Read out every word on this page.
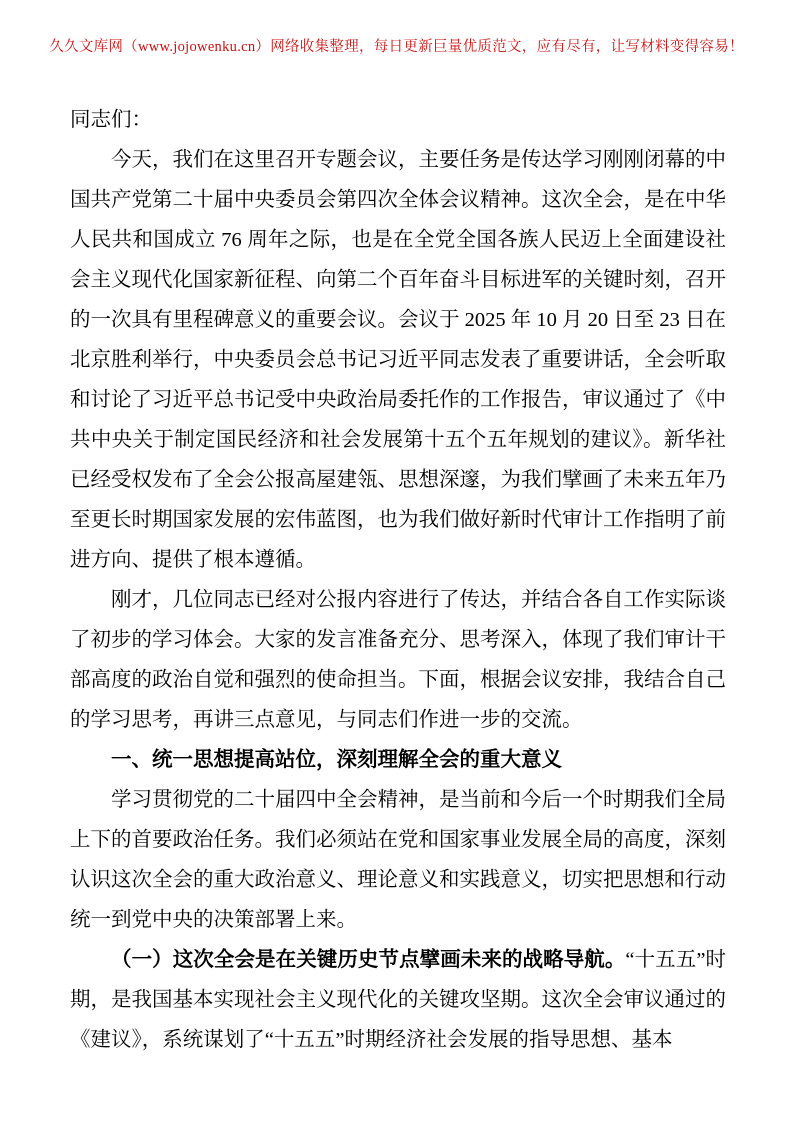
久久文库网（www.jojowenku.cn）网络收集整理，每日更新巨量优质范文，应有尽有，让写材料变得容易！

同志们：

今天，我们在这里召开专题会议，主要任务是传达学习刚刚闭幕的中国共产党第二十届中央委员会第四次全体会议精神。这次全会，是在中华人民共和国成立 76 周年之际，也是在全党全国各族人民迈上全面建设社会主义现代化国家新征程、向第二个百年奋斗目标进军的关键时刻，召开的一次具有里程碑意义的重要会议。会议于 2025 年 10 月 20 日至 23 日在北京胜利举行，中央委员会总书记习近平同志发表了重要讲话，全会听取和讨论了习近平总书记受中央政治局委托作的工作报告，审议通过了《中共中央关于制定国民经济和社会发展第十五个五年规划的建议》。新华社已经受权发布了全会公报高屋建瓴、思想深邃，为我们擘画了未来五年乃至更长时期国家发展的宏伟蓝图，也为我们做好新时代审计工作指明了前进方向、提供了根本遵循。

刚才，几位同志已经对公报内容进行了传达，并结合各自工作实际谈了初步的学习体会。大家的发言准备充分、思考深入，体现了我们审计干部高度的政治自觉和强烈的使命担当。下面，根据会议安排，我结合自己的学习思考，再讲三点意见，与同志们作进一步的交流。

一、统一思想提高站位，深刻理解全会的重大意义

学习贯彻党的二十届四中全会精神，是当前和今后一个时期我们全局上下的首要政治任务。我们必须站在党和国家事业发展全局的高度，深刻认识这次全会的重大政治意义、理论意义和实践意义，切实把思想和行动统一到党中央的决策部署上来。

（一）这次全会是在关键历史节点擘画未来的战略导航。“十五五”时期，是我国基本实现社会主义现代化的关键攻坚期。这次全会审议通过的《建议》，系统谋划了“十五五”时期经济社会发展的指导思想、基本
